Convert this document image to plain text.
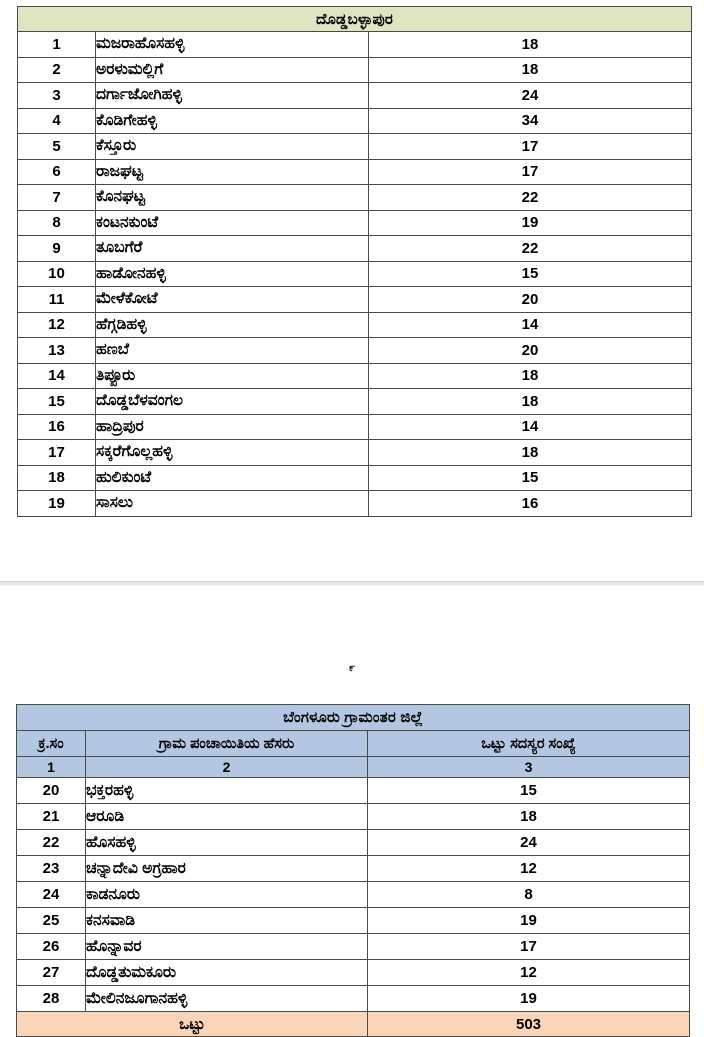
ದೊಡ್ಡಬಳ್ಳಾಪುರ		
1	ಮಜರಾಹೊಸಹಳ್ಳಿ	18
2	ಅರಳುಮಲ್ಲಿಗೆ	18
3	ದರ್ಗಾಜೋಗಿಹಳ್ಳಿ	24
4	ಕೊಡಿಗೇಹಳ್ಳಿ	34
5	ಕೆಸ್ತೂರು	17
6	ರಾಜಘಟ್ಟ	17
7	ಕೊನಘಟ್ಟ	22
8	ಕಂಟನಕುಂಟೆ	19
9	ತೂಬಗೆರೆ	22
10	ಹಾಡೋನಹಳ್ಳಿ	15
11	ಮೇಳೆಕೋಟೆ	20
12	ಹೆಗ್ಗಡಿಹಳ್ಳಿ	14
13	ಹಣಬೆ	20
14	ತಿಪ್ಪೂರು	18
15	ದೊಡ್ಡಬೆಳವಂಗಲ	18
16	ಹಾದ್ರಿಪುರ	14
17	ಸಕ್ಕರೆಗೊಲ್ಲಹಳ್ಳಿ	18
18	ಹುಲಿಕುಂಟೆ	15
19	ಸಾಸಲು	16
೯
ಬೆಂಗಳೂರು ಗ್ರಾಮಂತರ ಜಿಲ್ಲೆ		
ಕ್ರ.ಸಂ	ಗ್ರಾಮ ಪಂಚಾಯಿತಿಯ ಹೆಸರು	ಒಟ್ಟು ಸದಸ್ಯರ ಸಂಖ್ಯೆ
1	2	3
20	ಭಕ್ತರಹಳ್ಳಿ	15
21	ಆರೂಡಿ	18
22	ಹೊಸಹಳ್ಳಿ	24
23	ಚನ್ನಾದೇವಿ ಅಗ್ರಹಾರ	12
24	ಕಾಡನೂರು	8
25	ಕನಸವಾಡಿ	19
26	ಹೊನ್ನಾವರ	17
27	ದೊಡ್ಡತುಮಕೂರು	12
28	ಮೇಲಿನಜೂಗಾನಹಳ್ಳಿ	19
ಒಟ್ಟು		503
